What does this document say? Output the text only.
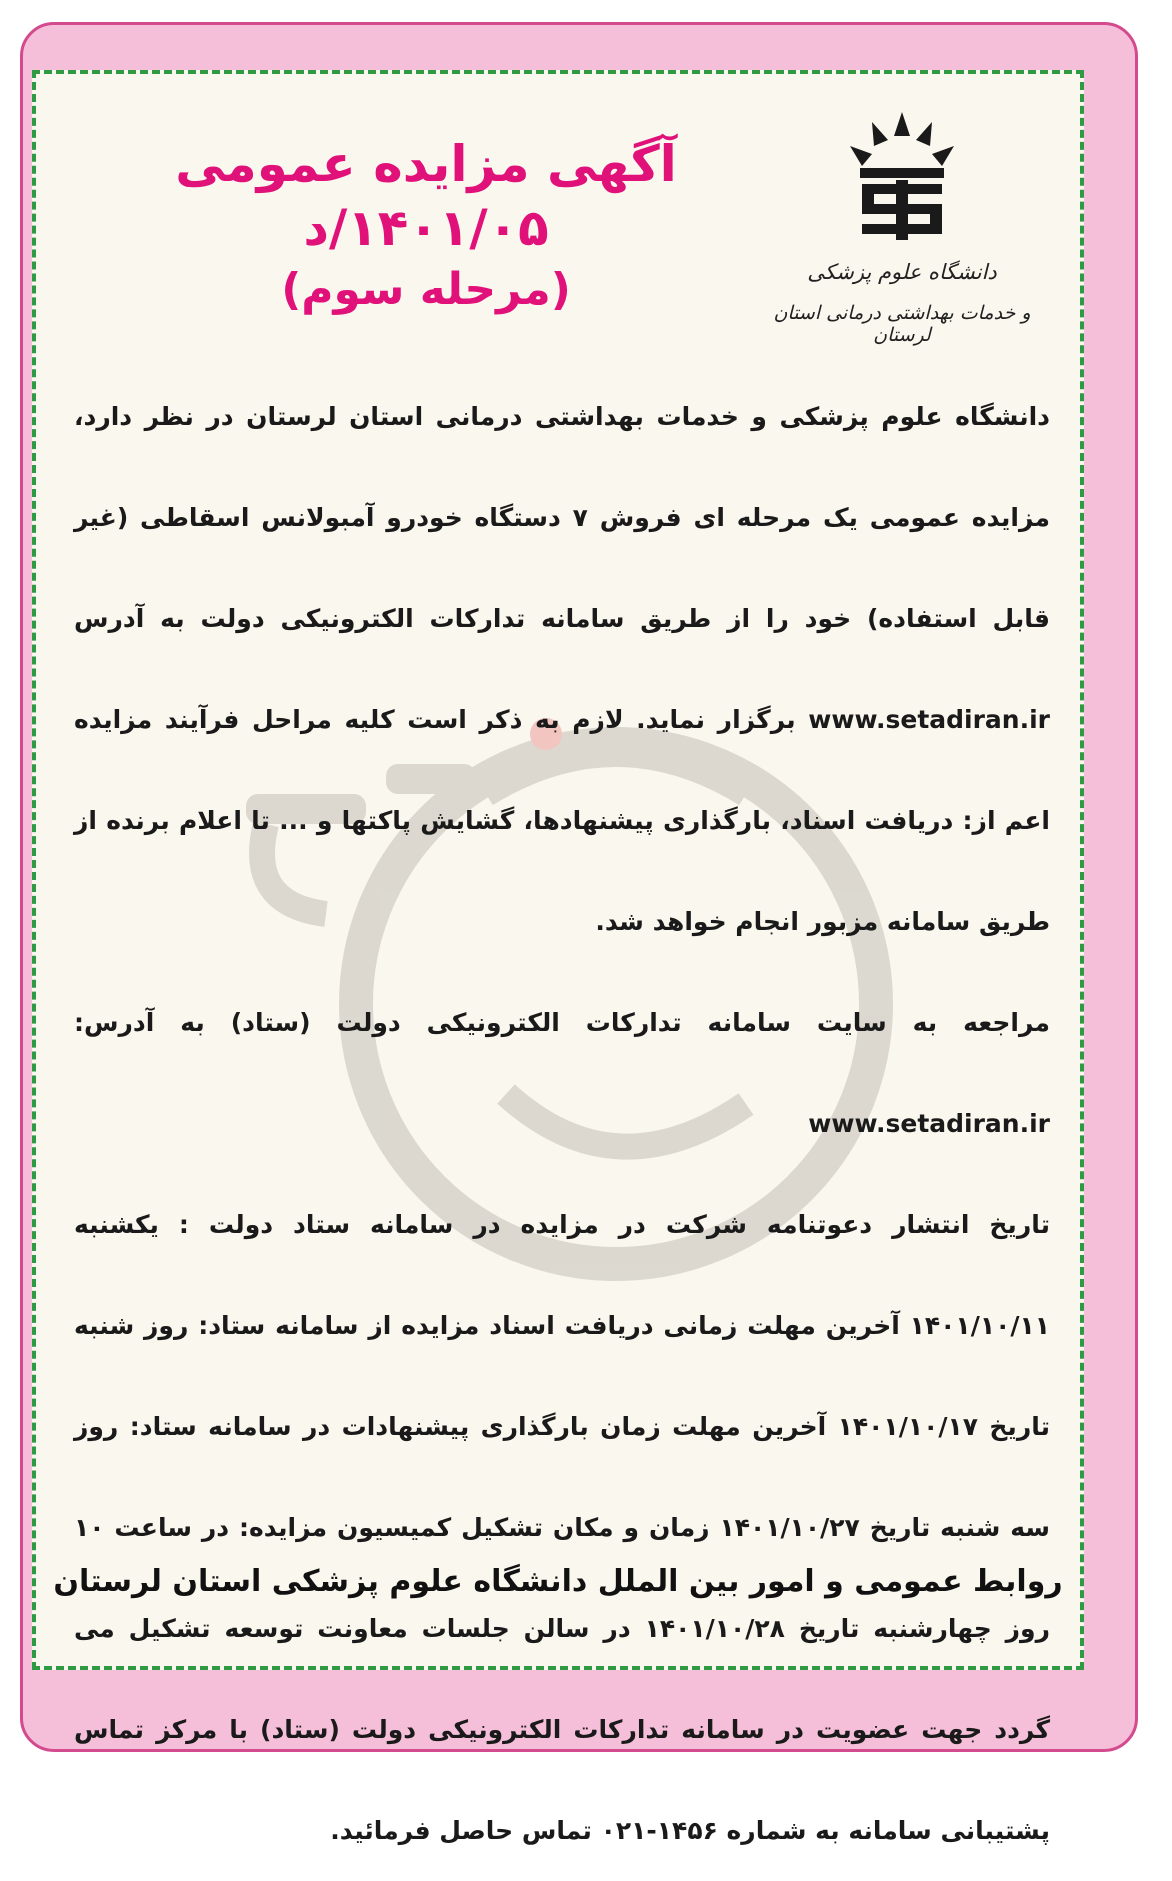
دانشگاه علوم پزشکی
و خدمات بهداشتی درمانی استان لرستان
آگهی مزایده عمومی ۱۴۰۱/۰۵/د
(مرحله سوم)

دانشگاه علوم پزشکی و خدمات بهداشتی درمانی استان لرستان در نظر دارد، مزایده عمومی یک مرحله ای فروش ۷ دستگاه خودرو آمبولانس اسقاطی (غیر قابل استفاده) خود را از طریق سامانه تدارکات الکترونیکی دولت به آدرس www.setadiran.ir برگزار نماید. لازم به ذکر است کلیه مراحل فرآیند مزایده اعم از: دریافت اسناد، بارگذاری پیشنهادها، گشایش پاکتها و ... تا اعلام برنده از طریق سامانه مزبور انجام خواهد شد.

مراجعه به سایت سامانه تدارکات الکترونیکی دولت (ستاد) به آدرس: www.setadiran.ir

تاریخ انتشار دعوتنامه شرکت در مزایده در سامانه ستاد دولت : یکشنبه ۱۴۰۱/۱۰/۱۱ آخرین مهلت زمانی دریافت اسناد مزایده از سامانه ستاد: روز شنبه تاریخ ۱۴۰۱/۱۰/۱۷ آخرین مهلت زمان بارگذاری پیشنهادات در سامانه ستاد: روز سه شنبه تاریخ ۱۴۰۱/۱۰/۲۷ زمان و مکان تشکیل کمیسیون مزایده: در ساعت ۱۰ روز چهارشنبه تاریخ ۱۴۰۱/۱۰/۲۸ در سالن جلسات معاونت توسعه تشکیل می گردد جهت عضویت در سامانه تدارکات الکترونیکی دولت (ستاد) با مرکز تماس پشتیبانی سامانه به شماره ۱۴۵۶-۰۲۱ تماس حاصل فرمائید.

روابط عمومی و امور بین الملل دانشگاه علوم پزشکی استان لرستان
